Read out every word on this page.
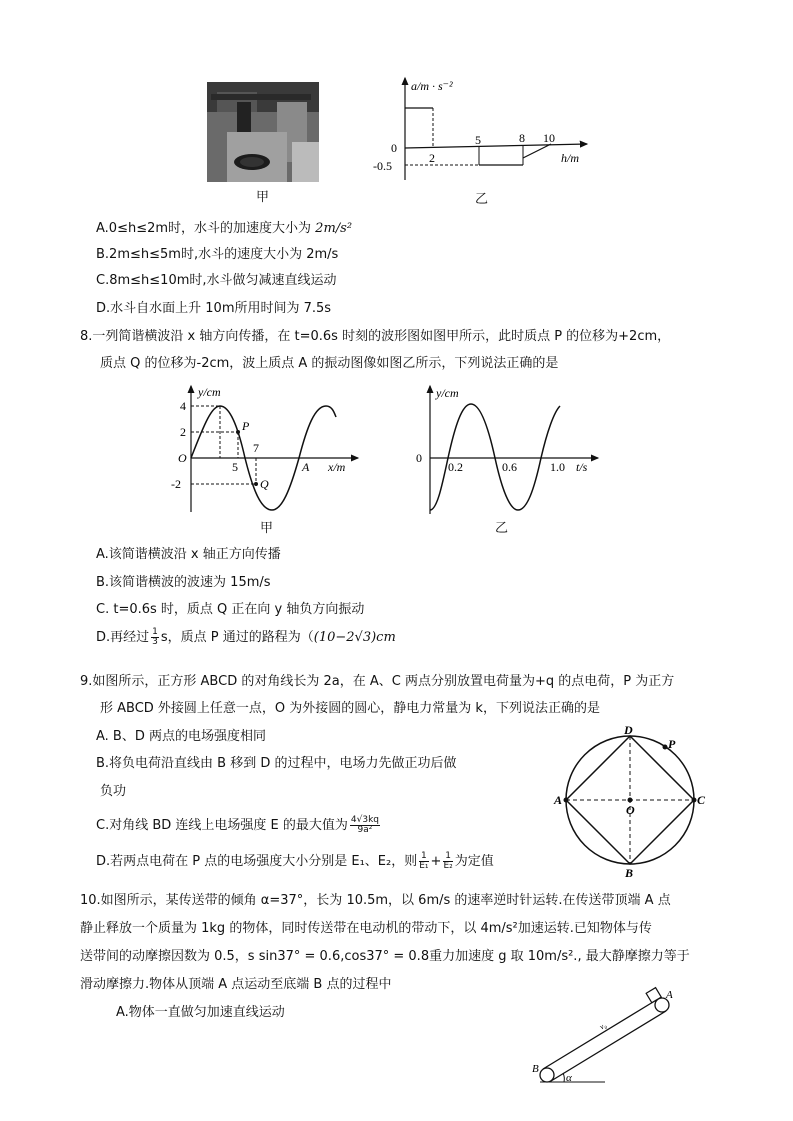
甲
a/m · s⁻²
0
-0.5
2
5	8 10
h/m
乙
A.0≤h≤2m时，水斗的加速度大小为 2m/s²
B.2m≤h≤5m时,水斗的速度大小为 2m/s
C.8m≤h≤10m时,水斗做匀减速直线运动
D.水斗自水面上升 10m所用时间为 7.5s
8.一列简谐横波沿 x 轴方向传播，在 t=0.6s 时刻的波形图如图甲所示，此时质点 P 的位移为+2cm，
质点 Q 的位移为-2cm，波上质点 A 的振动图像如图乙所示，下列说法正确的是
y/cm
x/m
4
2
O
-2
5
7
P
Q
A
甲
y/cm
t/s
0
0.2	0.6	1.0
乙
A.该简谐横波沿 x 轴正方向传播
B.该简谐横波的波速为 15m/s
C. t=0.6s 时，质点 Q 正在向 y 轴负方向振动
D.再经过 $\frac{1}{3}$ s，质点 P 通过的路程为（(10−2√3)cm
9.如图所示，正方形 ABCD 的对角线长为 2a，在 A、C 两点分别放置电荷量为+q 的点电荷，P 为正方
形 ABCD 外接圆上任意一点，O 为外接圆的圆心，静电力常量为 k，下列说法正确的是
A. B、D 两点的电场强度相同
B.将负电荷沿直线由 B 移到 D 的过程中，电场力先做正功后做
负功
C.对角线 BD 连线上电场强度 E 的最大值为 $\frac{4√3kq}{\text{9a²}}$
D.若两点电荷在 P 点的电场强度大小分别是 E₁、E₂，则 $\frac{1}{\text{E₁}} + \frac{1}{\text{E₂}}$ 为定值
D
P
A
O
C
B
10.如图所示，某传送带的倾角 α=37°，长为 10.5m，以 6m/s 的速率逆时针运转.在传送带顶端 A 点
静止释放一个质量为 1kg 的物体，同时传送带在电动机的带动下，以 4m/s²加速运转.已知物体与传
送带间的动摩擦因数为 0.5，s sin37° = 0.6,cos37° = 0.8重力加速度 g 取 10m/s²., 最大静摩擦力等于
滑动摩擦力.物体从顶端 A 点运动至底端 B 点的过程中
A.物体一直做匀加速直线运动
A
B
α
v₀
